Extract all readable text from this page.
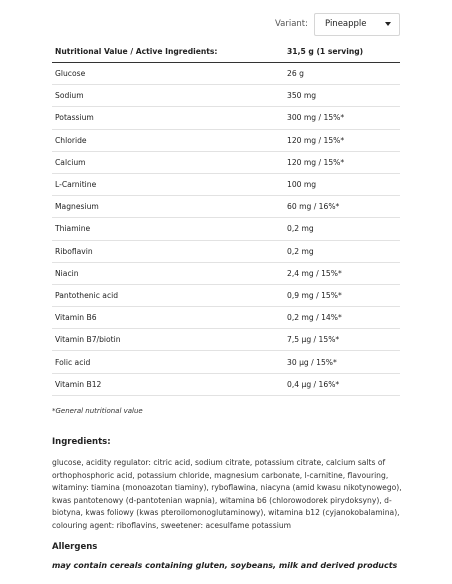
Variant: Pineapple
Nutritional Value / Active Ingredients:	31,5 g (1 serving)
Glucose	26 g
Sodium	350 mg
Potassium	300 mg / 15%*
Chloride	120 mg / 15%*
Calcium	120 mg / 15%*
L-Carnitine	100 mg
Magnesium	60 mg / 16%*
Thiamine	0,2 mg
Riboflavin	0,2 mg
Niacin	2,4 mg / 15%*
Pantothenic acid	0,9 mg / 15%*
Vitamin B6	0,2 mg / 14%*
Vitamin B7/biotin	7,5 µg / 15%*
Folic acid	30 µg / 15%*
Vitamin B12	0,4 µg / 16%*
*General nutritional value
Ingredients:
glucose, acidity regulator: citric acid, sodium citrate, potassium citrate, calcium salts of orthophosphoric acid, potassium chloride, magnesium carbonate, l-carnitine, flavouring, witaminy: tiamina (monoazotan tiaminy), ryboflawina, niacyna (amid kwasu nikotynowego), kwas pantotenowy (d-pantotenian wapnia), witamina b6 (chlorowodorek pirydoksyny), d-biotyna, kwas foliowy (kwas pteroilomonoglutaminowy), witamina b12 (cyjanokobalamina), colouring agent: riboflavins, sweetener: acesulfame potassium
Allergens
may contain cereals containing gluten, soybeans, milk and derived products
